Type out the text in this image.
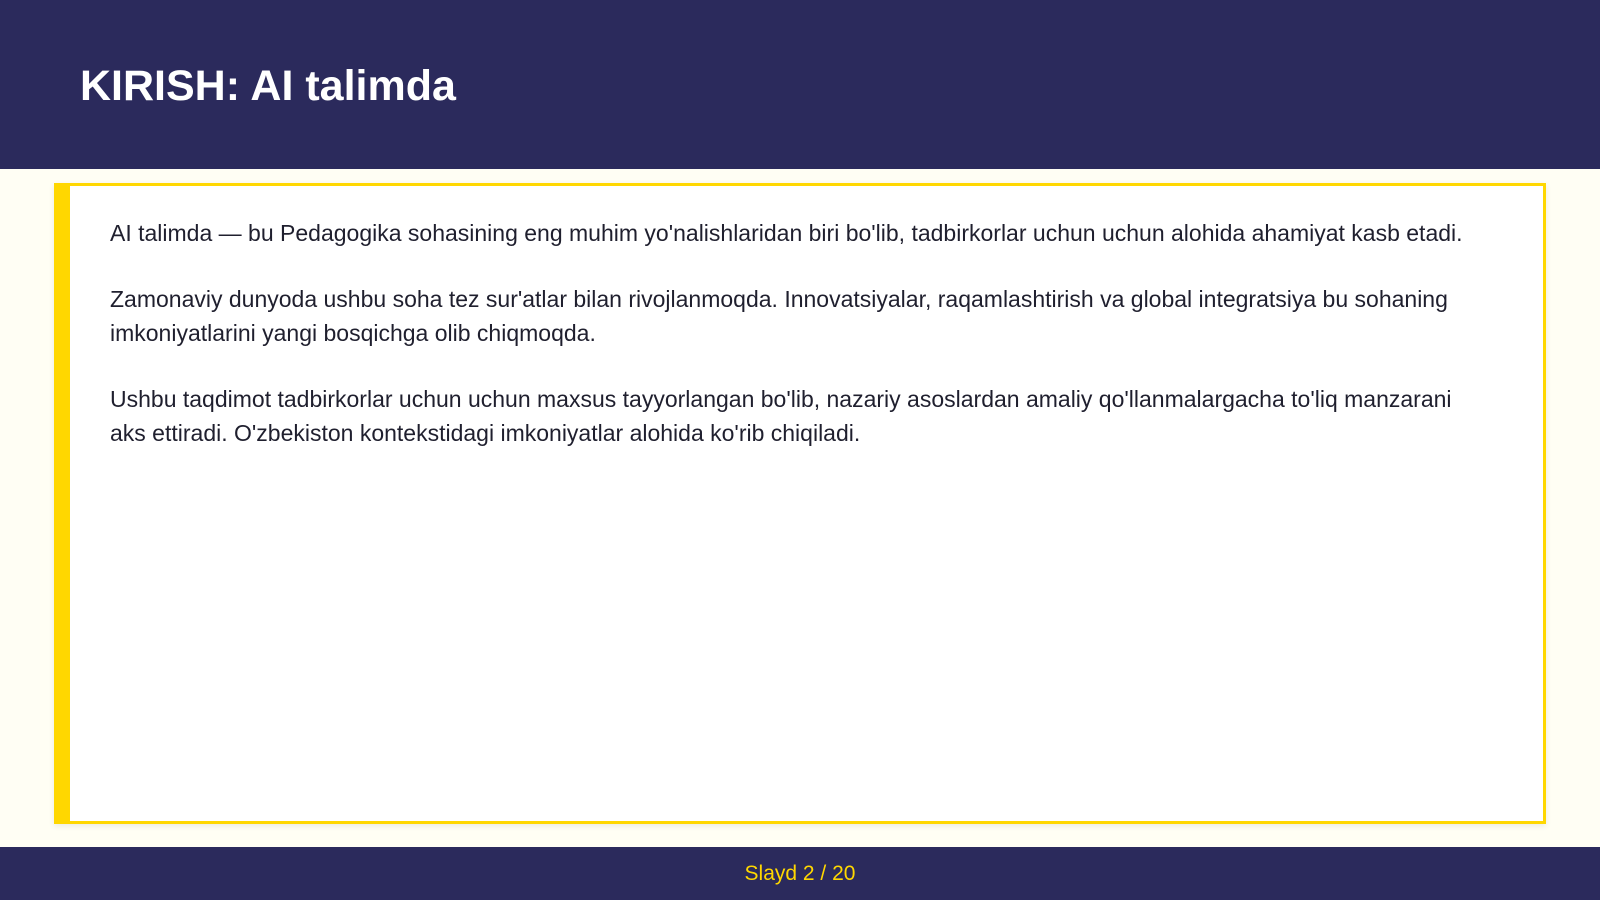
KIRISH: AI talimda

AI talimda — bu Pedagogika sohasining eng muhim yo'nalishlaridan biri bo'lib, tadbirkorlar uchun uchun alohida ahamiyat kasb etadi.

Zamonaviy dunyoda ushbu soha tez sur'atlar bilan rivojlanmoqda. Innovatsiyalar, raqamlashtirish va global integratsiya bu sohaning imkoniyatlarini yangi bosqichga olib chiqmoqda.

Ushbu taqdimot tadbirkorlar uchun uchun maxsus tayyorlangan bo'lib, nazariy asoslardan amaliy qo'llanmalargacha to'liq manzarani aks ettiradi. O'zbekiston kontekstidagi imkoniyatlar alohida ko'rib chiqiladi.

Slayd 2 / 20
